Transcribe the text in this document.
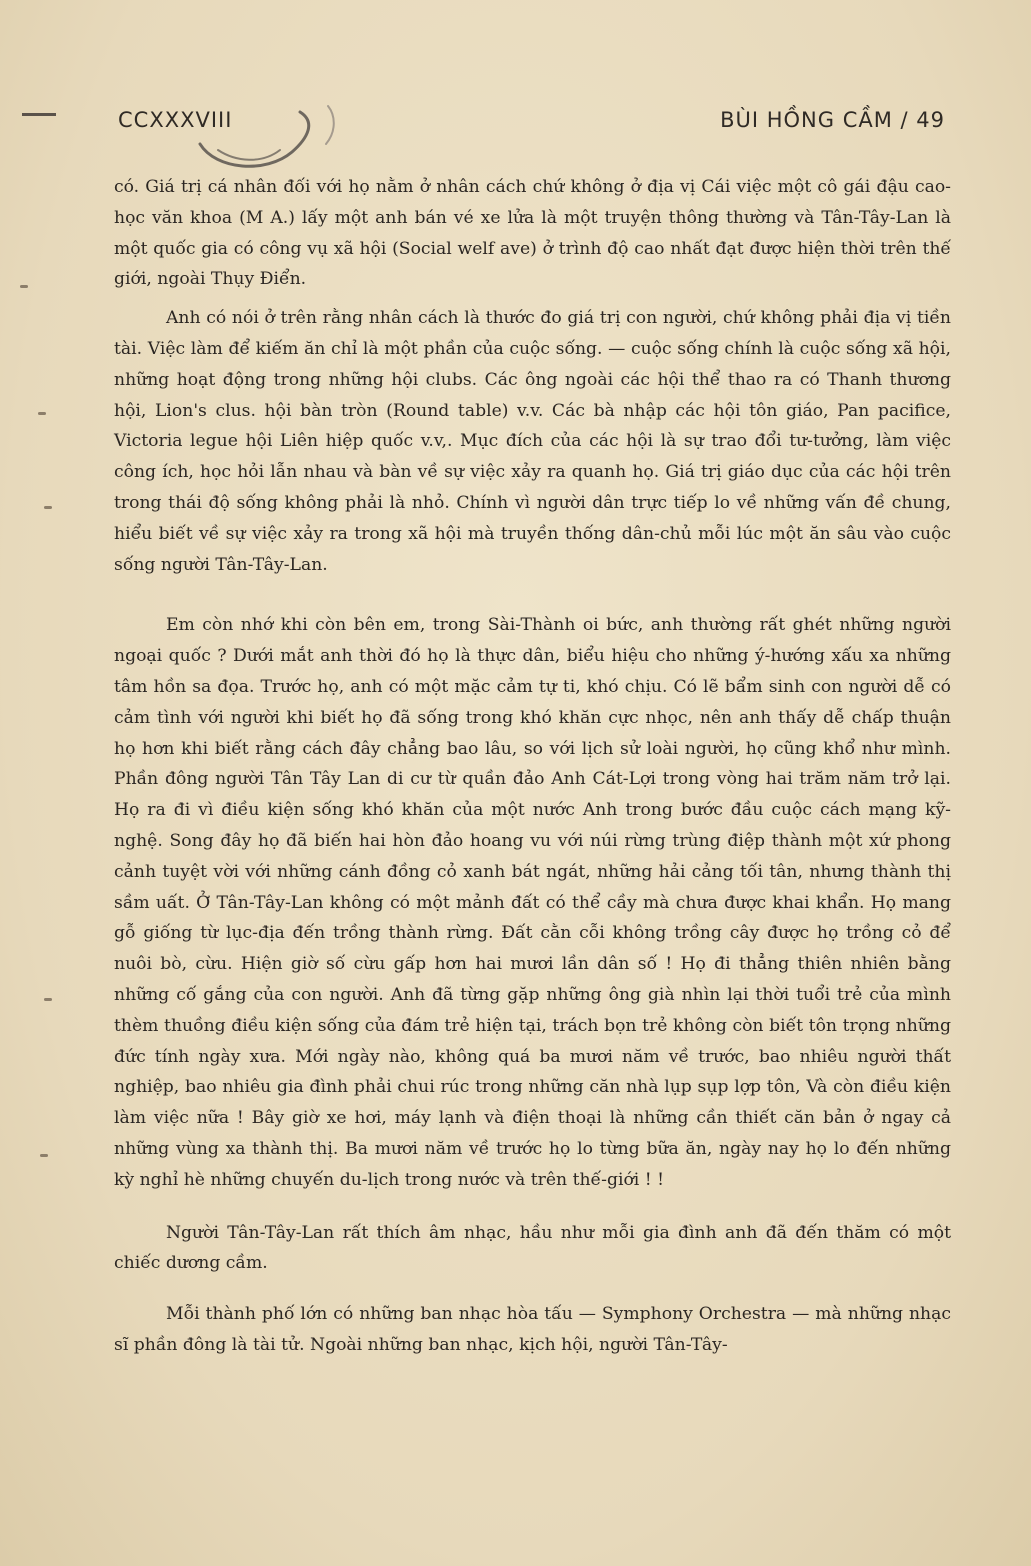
CCXXXVIII	BÙI HỒNG CẦM / 49

có. Giá trị cá nhân đối với họ nằm ở nhân cách chứ không ở địa vị Cái việc một cô gái đậu cao-học văn khoa (M A.) lấy một anh bán vé xe lửa là một truyện thông thường và Tân-Tây-Lan là một quốc gia có công vụ xã hội (Social welf ave) ở trình độ cao nhất đạt được hiện thời trên thế giới, ngoài Thụy Điển.

Anh có nói ở trên rằng nhân cách là thước đo giá trị con người, chứ không phải địa vị tiền tài. Việc làm để kiếm ăn chỉ là một phần của cuộc sống. — cuộc sống chính là cuộc sống xã hội, những hoạt động trong những hội clubs. Các ông ngoài các hội thể thao ra có Thanh thương hội, Lion's clus. hội bàn tròn (Round table) v.v. Các bà nhập các hội tôn giáo, Pan pacifice, Victoria legue hội Liên hiệp quốc v.v,. Mục đích của các hội là sự trao đổi tư-tưởng, làm việc công ích, học hỏi lẫn nhau và bàn về sự việc xảy ra quanh họ. Giá trị giáo dục của các hội trên trong thái độ sống không phải là nhỏ. Chính vì người dân trực tiếp lo về những vấn đề chung, hiểu biết về sự việc xảy ra trong xã hội mà truyền thống dân-chủ mỗi lúc một ăn sâu vào cuộc sống người Tân-Tây-Lan.

Em còn nhớ khi còn bên em, trong Sài-Thành oi bức, anh thường rất ghét những người ngoại quốc ? Dưới mắt anh thời đó họ là thực dân, biểu hiệu cho những ý-hướng xấu xa những tâm hồn sa đọa. Trước họ, anh có một mặc cảm tự ti, khó chịu. Có lẽ bẩm sinh con người dễ có cảm tình với người khi biết họ đã sống trong khó khăn cực nhọc, nên anh thấy dễ chấp thuận họ hơn khi biết rằng cách đây chẳng bao lâu, so với lịch sử loài người, họ cũng khổ như mình. Phần đông người Tân Tây Lan di cư từ quần đảo Anh Cát-Lợi trong vòng hai trăm năm trở lại. Họ ra đi vì điều kiện sống khó khăn của một nước Anh trong bước đầu cuộc cách mạng kỹ-nghệ. Song đây họ đã biến hai hòn đảo hoang vu với núi rừng trùng điệp thành một xứ phong cảnh tuyệt vời với những cánh đồng cỏ xanh bát ngát, những hải cảng tối tân, nhưng thành thị sầm uất. Ở Tân-Tây-Lan không có một mảnh đất có thể cầy mà chưa được khai khẩn. Họ mang gỗ giống từ lục-địa đến trồng thành rừng. Đất cằn cỗi không trồng cây được họ trồng cỏ để nuôi bò, cừu. Hiện giờ số cừu gấp hơn hai mươi lần dân số ! Họ đi thẳng thiên nhiên bằng những cố gắng của con người. Anh đã từng gặp những ông già nhìn lại thời tuổi trẻ của mình thèm thuồng điều kiện sống của đám trẻ hiện tại, trách bọn trẻ không còn biết tôn trọng những đức tính ngày xưa. Mới ngày nào, không quá ba mươi năm về trước, bao nhiêu người thất nghiệp, bao nhiêu gia đình phải chui rúc trong những căn nhà lụp sụp lợp tôn, Và còn điều kiện làm việc nữa ! Bây giờ xe hơi, máy lạnh và điện thoại là những cần thiết căn bản ở ngay cả những vùng xa thành thị. Ba mươi năm về trước họ lo từng bữa ăn, ngày nay họ lo đến những kỳ nghỉ hè những chuyến du-lịch trong nước và trên thế-giới ! !

Người Tân-Tây-Lan rất thích âm nhạc, hầu như mỗi gia đình anh đã đến thăm có một chiếc dương cầm.

Mỗi thành phố lớn có những ban nhạc hòa tấu — Symphony Orchestra — mà những nhạc sĩ phần đông là tài tử. Ngoài những ban nhạc, kịch hội, người Tân-Tây-
